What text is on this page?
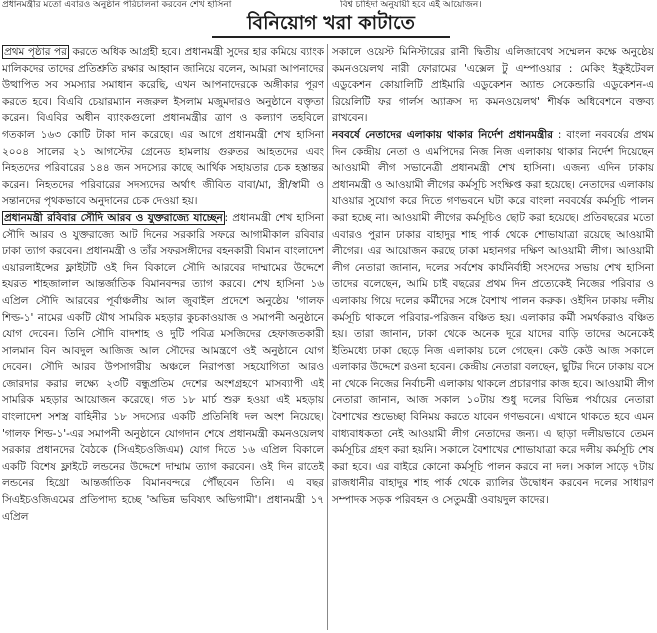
প্রধানমন্ত্রীর মতো এবারও অনুষ্ঠান পরিচালনা করবেন শেখ হাসিনা	বিশ্ব চাহিদা অনুযায়ী হবে এই আয়োজন।
বিনিয়োগ খরা কাটাতে

প্রথম পৃষ্ঠার পর করতে অধিক আগ্রহী হবে। প্রধানমন্ত্রী সুদের হার কমিয়ে ব্যাংক মালিকদের তাদের প্রতিশ্রুতি রক্ষার আহ্বান জানিয়ে বলেন, আমরা আপনাদের উত্থাপিত সব সমস্যার সমাধান করেছি, এখন আপনাদেরকে অঙ্গীকার পূরণ করতে হবে। বিএবি চেয়ারম্যান নজরুল ইসলাম মজুমদারও অনুষ্ঠানে বক্তৃতা করেন। বিএবির অধীন ব্যাংকগুলো প্রধানমন্ত্রীর ত্রাণ ও কল্যাণ তহবিলে গতকাল ১৬৩ কোটি টাকা দান করেছে। এর আগে প্রধানমন্ত্রী শেখ হাসিনা ২০০৪ সালের ২১ আগস্টের গ্রেনেড হামলায় গুরুতর আহতদের এবং নিহতদের পরিবারের ১৪৪ জন সদস্যের কাছে আর্থিক সহায়তার চেক হস্তান্তর করেন। নিহতদের পরিবারের সদস্যদের অর্থাৎ জীবিত বাবা/মা, স্ত্রী/স্বামী ও সন্তানদের পৃথকভাবে অনুদানের চেক দেওয়া হয়।

প্রধানমন্ত্রী রবিবার সৌদি আরব ও যুক্তরাজ্যে যাচ্ছেন : প্রধানমন্ত্রী শেখ হাসিনা সৌদি আরব ও যুক্তরাজ্যে আট দিনের সরকারি সফরে আগামীকাল রবিবার ঢাকা ত্যাগ করবেন। প্রধানমন্ত্রী ও তাঁর সফরসঙ্গীদের বহনকারী বিমান বাংলাদেশ এয়ারলাইন্সের ফ্লাইটটি ওই দিন বিকালে সৌদি আরবের দাম্মামের উদ্দেশে হযরত শাহজালাল আন্তর্জাতিক বিমানবন্দর ত্যাগ করবে। শেখ হাসিনা ১৬ এপ্রিল সৌদি আরবের পূর্বাঞ্চলীয় আল জুবাইল প্রদেশে অনুষ্ঠেয় 'গালফ শিল্ড-১' নামের একটি যৌথ সামরিক মহড়ার কুচকাওয়াজ ও সমাপনী অনুষ্ঠানে যোগ দেবেন। তিনি সৌদি বাদশাহ ও দুটি পবিত্র মসজিদের হেফাজতকারী সালমান বিন আবদুল আজিজ আল সৌদের আমন্ত্রণে ওই অনুষ্ঠানে যোগ দেবেন। সৌদি আরব উপসাগরীয় অঞ্চলে নিরাপত্তা সহযোগিতা আরও জোরদার করার লক্ষ্যে ২৩টি বন্ধুপ্রতিম দেশের অংশগ্রহণে মাসব্যাপী এই সামরিক মহড়ার আয়োজন করেছে। গত ১৮ মার্চ শুরু হওয়া এই মহড়ায় বাংলাদেশ সশস্ত্র বাহিনীর ১৮ সদস্যের একটি প্রতিনিধি দল অংশ নিয়েছে। 'গালফ শিল্ড-১'-এর সমাপনী অনুষ্ঠানে যোগদান শেষে প্রধানমন্ত্রী কমনওয়েলথ সরকার প্রধানদের বৈঠকে (সিএইচওজিএম) যোগ দিতে ১৬ এপ্রিল বিকালে একটি বিশেষ ফ্লাইটে লন্ডনের উদ্দেশে দাম্মাম ত্যাগ করবেন। ওই দিন রাতেই লন্ডনের হিথ্রো আন্তর্জাতিক বিমানবন্দরে পৌঁছবেন তিনি। এ বছর সিএইচওজিএমের প্রতিপাদ্য হচ্ছে 'অভিন্ন ভবিষ্যৎ অভিগামী'। প্রধানমন্ত্রী ১৭ এপ্রিল

সকালে ওয়েস্ট মিনিস্টারের রানী দ্বিতীয় এলিজাবেথ সম্মেলন কক্ষে অনুষ্ঠেয় কমনওয়েলথ নারী ফোরামের 'এক্সেল টু এম্পাওয়ার : মেকিং ইকুইটেবল এডুকেশন কোয়ালিটি প্রাইমারি এডুকেশন অ্যান্ড সেকেন্ডারি এডুকেশন-এ রিয়েলিটি ফর গার্লস অ্যাক্রস দ্য কমনওয়েলথ' শীর্ষক অধিবেশনে বক্তব্য রাখবেন।

নববর্ষে নেতাদের এলাকায় থাকার নির্দেশ প্রধানমন্ত্রীর : বাংলা নববর্ষের প্রথম দিন কেন্দ্রীয় নেতা ও এমপিদের নিজ নিজ এলাকায় থাকার নির্দেশ দিয়েছেন আওয়ামী লীগ সভানেত্রী প্রধানমন্ত্রী শেখ হাসিনা। এজন্য এদিন ঢাকায় প্রধানমন্ত্রী ও আওয়ামী লীগের কর্মসূচি সংক্ষিপ্ত করা হয়েছে। নেতাদের এলাকায় যাওয়ার সুযোগ করে দিতে গণভবনে ঘটা করে বাংলা নববর্ষের কর্মসূচি পালন করা হচ্ছে না। আওয়ামী লীগের কর্মসূচিও ছোট করা হয়েছে। প্রতিবছরের মতো এবারও পুরান ঢাকার বাহাদুর শাহ পার্ক থেকে শোভাযাত্রা রয়েছে আওয়ামী লীগের। এর আয়োজন করছে ঢাকা মহানগর দক্ষিণ আওয়ামী লীগ। আওয়ামী লীগ নেতারা জানান, দলের সর্বশেষ কার্যনির্বাহী সংসদের সভায় শেখ হাসিনা তাদের বলেছেন, আমি চাই বছরের প্রথম দিন প্রত্যেকেই নিজের পরিবার ও এলাকায় গিয়ে দলের কর্মীদের সঙ্গে বৈশাখ পালন করুক। ওইদিন ঢাকায় দলীয় কর্মসূচি থাকলে পরিবার-পরিজন বঞ্চিত হয়। এলাকার কর্মী সমর্থকরাও বঞ্চিত হয়। তারা জানান, ঢাকা থেকে অনেক দূরে যাদের বাড়ি তাদের অনেকেই ইতিমধ্যে ঢাকা ছেড়ে নিজ এলাকায় চলে গেছেন। কেউ কেউ আজ সকালে এলাকার উদ্দেশে রওনা হবেন। কেন্দ্রীয় নেতারা বলছেন, ছুটির দিনে ঢাকায় বসে না থেকে নিজের নির্বাচনী এলাকায় থাকলে প্রচারণার কাজ হবে। আওয়ামী লীগ নেতারা জানান, আজ সকাল ১০টায় শুধু দলের বিভিন্ন পর্যায়ের নেতারা বৈশাখের শুভেচ্ছা বিনিময় করতে যাবেন গণভবনে। এখানে থাকতে হবে এমন বাধ্যবাধকতা নেই আওয়ামী লীগ নেতাদের জন্য। এ ছাড়া দলীয়ভাবে তেমন কর্মসূচির গ্রহণ করা হয়নি। সকালে বৈশাখের শোভাযাত্রা করে দলীয় কর্মসূচি শেষ করা হবে। এর বাইরে কোনো কর্মসূচি পালন করবে না দল। সকাল সাড়ে ৭টায় রাজধানীর বাহাদুর শাহ পার্ক থেকে র‍্যালির উদ্বোধন করবেন দলের সাধারণ সম্পাদক সড়ক পরিবহন ও সেতুমন্ত্রী ওবায়দুল কাদের।
